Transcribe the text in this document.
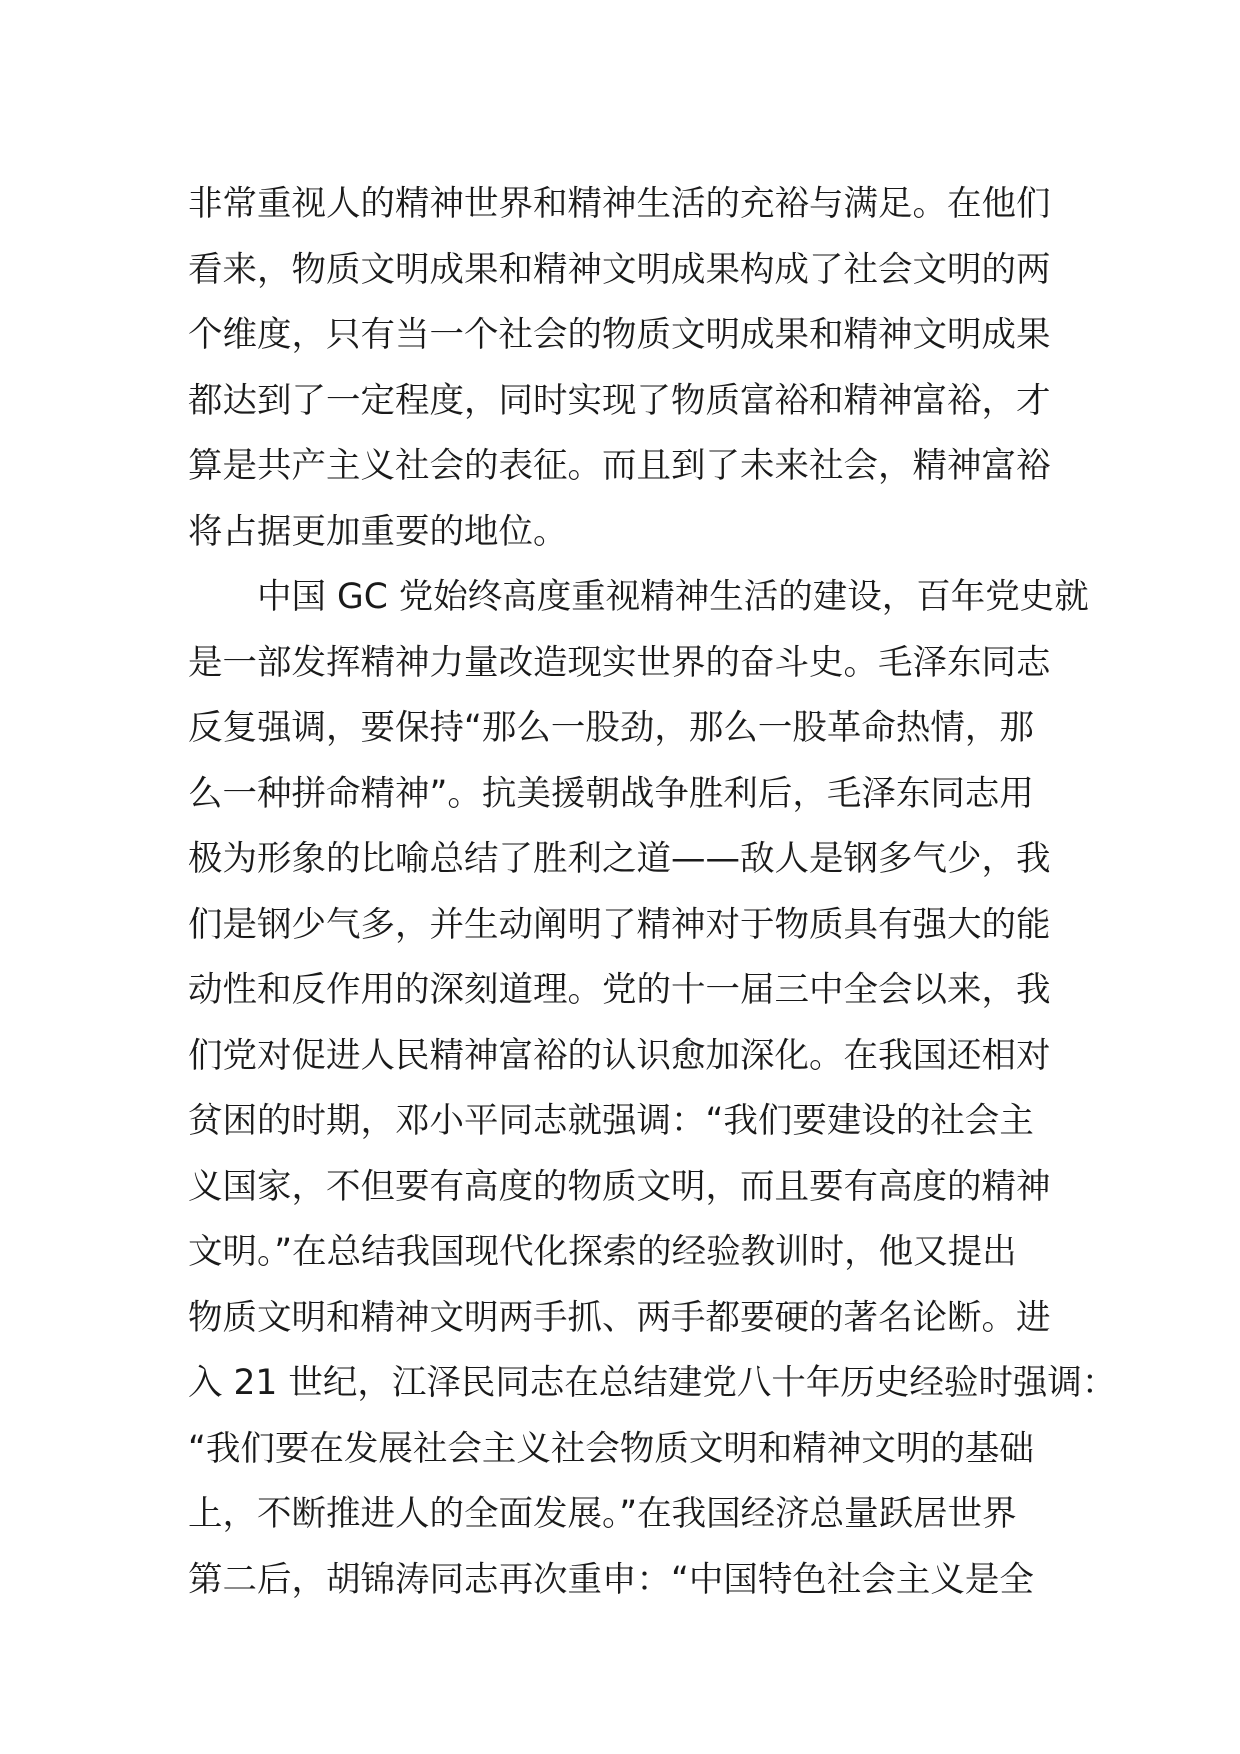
非常重视人的精神世界和精神生活的充裕与满足。在他们
看来，物质文明成果和精神文明成果构成了社会文明的两
个维度，只有当一个社会的物质文明成果和精神文明成果
都达到了一定程度，同时实现了物质富裕和精神富裕，才
算是共产主义社会的表征。而且到了未来社会，精神富裕
将占据更加重要的地位。
中国 GC 党始终高度重视精神生活的建设，百年党史就
是一部发挥精神力量改造现实世界的奋斗史。毛泽东同志
反复强调，要保持“那么一股劲，那么一股革命热情，那
么一种拼命精神”。抗美援朝战争胜利后，毛泽东同志用
极为形象的比喻总结了胜利之道——敌人是钢多气少，我
们是钢少气多，并生动阐明了精神对于物质具有强大的能
动性和反作用的深刻道理。党的十一届三中全会以来，我
们党对促进人民精神富裕的认识愈加深化。在我国还相对
贫困的时期，邓小平同志就强调：“我们要建设的社会主
义国家，不但要有高度的物质文明，而且要有高度的精神
文明。”在总结我国现代化探索的经验教训时，他又提出
物质文明和精神文明两手抓、两手都要硬的著名论断。进
入 21 世纪，江泽民同志在总结建党八十年历史经验时强调：
“我们要在发展社会主义社会物质文明和精神文明的基础
上，不断推进人的全面发展。”在我国经济总量跃居世界
第二后，胡锦涛同志再次重申：“中国特色社会主义是全
